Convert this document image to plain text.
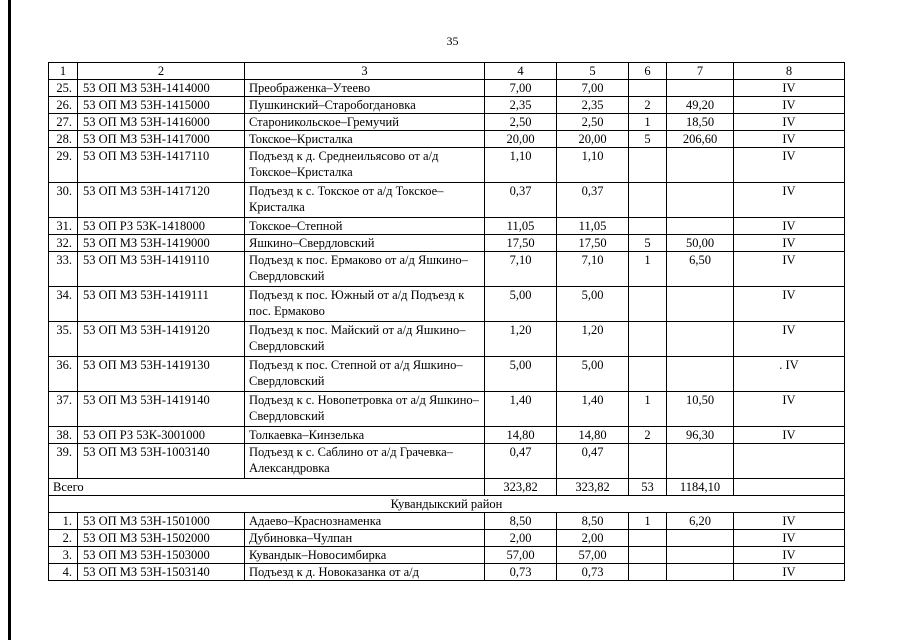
35
1	2	3	4	5	6	7	8
25.	53 ОП МЗ 53Н-1414000	Преображенка–Утеево	7,00	7,00			IV
26.	53 ОП МЗ 53Н-1415000	Пушкинский–Старобогдановка	2,35	2,35	2	49,20	IV
27.	53 ОП МЗ 53Н-1416000	Староникольское–Гремучий	2,50	2,50	1	18,50	IV
28.	53 ОП МЗ 53Н-1417000	Токское–Кристалка	20,00	20,00	5	206,60	IV
29.	53 ОП МЗ 53Н-1417110	Подъезд к д. Среднеильясово от а/д Токское–Кристалка	1,10	1,10			IV
30.	53 ОП МЗ 53Н-1417120	Подъезд к с. Токское от а/д Токское–Кристалка	0,37	0,37			IV
31.	53 ОП РЗ 53К-1418000	Токское–Степной	11,05	11,05			IV
32.	53 ОП МЗ 53Н-1419000	Яшкино–Свердловский	17,50	17,50	5	50,00	IV
33.	53 ОП МЗ 53Н-1419110	Подъезд к пос. Ермаково от а/д Яшкино–Свердловский	7,10	7,10	1	6,50	IV
34.	53 ОП МЗ 53Н-1419111	Подъезд к пос. Южный от а/д Подъезд к пос. Ермаково	5,00	5,00			IV
35.	53 ОП МЗ 53Н-1419120	Подъезд к пос. Майский от а/д Яшкино–Свердловский	1,20	1,20			IV
36.	53 ОП МЗ 53Н-1419130	Подъезд к пос. Степной от а/д Яшкино–Свердловский	5,00	5,00			. IV
37.	53 ОП МЗ 53Н-1419140	Подъезд к с. Новопетровка от а/д Яшкино–Свердловский	1,40	1,40	1	10,50	IV
38.	53 ОП РЗ 53К-3001000	Толкаевка–Кинзелька	14,80	14,80	2	96,30	IV
39.	53 ОП МЗ 53Н-1003140	Подъезд к с. Саблино от а/д Грачевка–Александровка	0,47	0,47			
Всего			323,82	323,82	53	1184,10	
Кувандыкский район							
1.	53 ОП МЗ 53Н-1501000	Адаево–Краснознаменка	8,50	8,50	1	6,20	IV
2.	53 ОП МЗ 53Н-1502000	Дубиновка–Чулпан	2,00	2,00			IV
3.	53 ОП МЗ 53Н-1503000	Кувандык–Новосимбирка	57,00	57,00			IV
4.	53 ОП МЗ 53Н-1503140	Подъезд к д. Новоказанка от а/д	0,73	0,73			IV
